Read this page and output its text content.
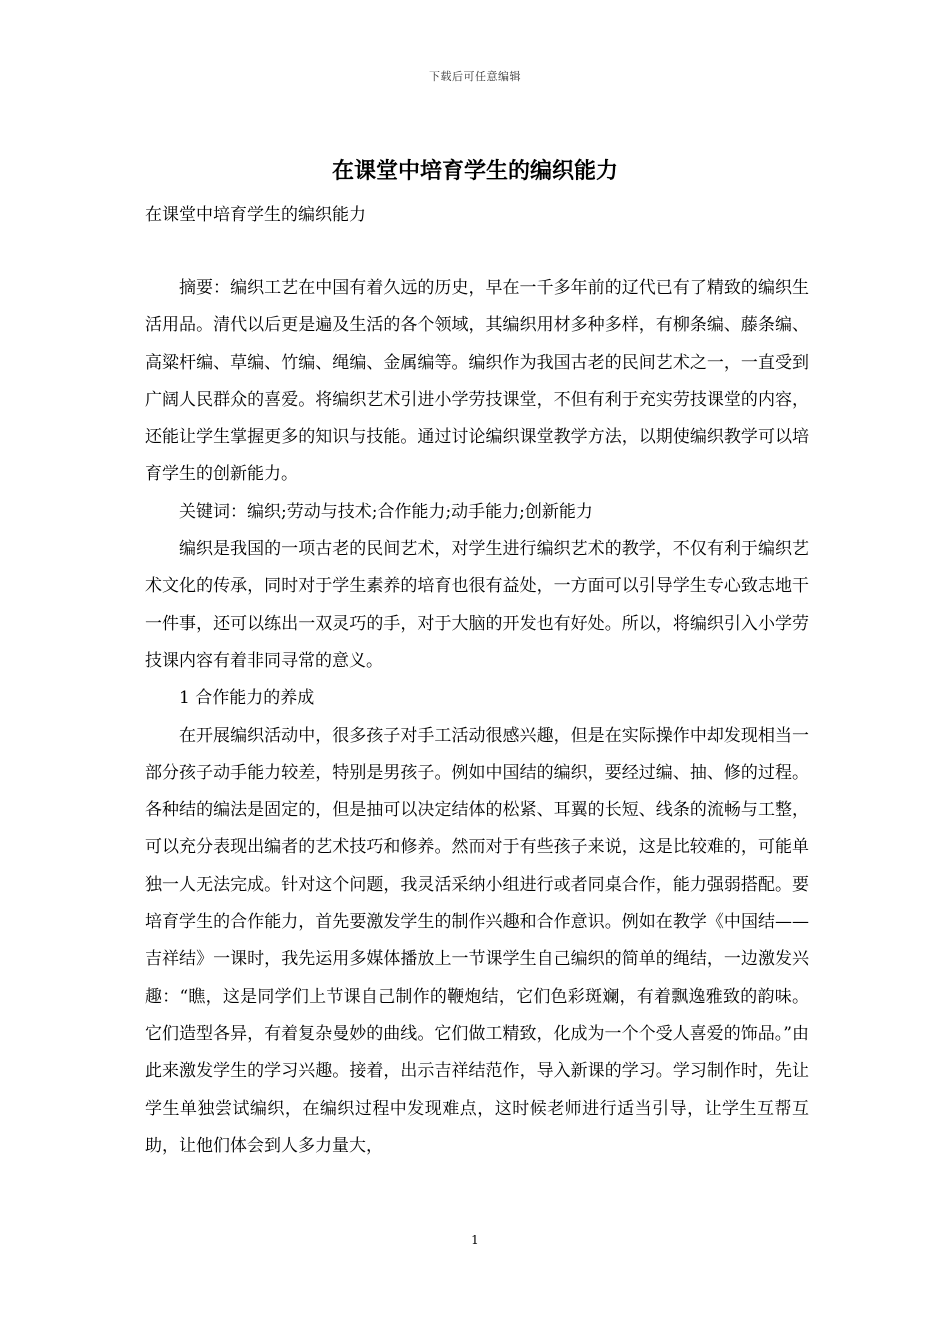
下载后可任意编辑
在课堂中培育学生的编织能力
在课堂中培育学生的编织能力

摘要：编织工艺在中国有着久远的历史，早在一千多年前的辽代已有了精致的编织生活用品。清代以后更是遍及生活的各个领域，其编织用材多种多样，有柳条编、藤条编、高粱杆编、草编、竹编、绳编、金属编等。编织作为我国古老的民间艺术之一，一直受到广阔人民群众的喜爱。将编织艺术引进小学劳技课堂，不但有利于充实劳技课堂的内容，还能让学生掌握更多的知识与技能。通过讨论编织课堂教学方法，以期使编织教学可以培育学生的创新能力。

关键词：编织;劳动与技术;合作能力;动手能力;创新能力

编织是我国的一项古老的民间艺术，对学生进行编织艺术的教学，不仅有利于编织艺术文化的传承，同时对于学生素养的培育也很有益处，一方面可以引导学生专心致志地干一件事，还可以练出一双灵巧的手，对于大脑的开发也有好处。所以，将编织引入小学劳技课内容有着非同寻常的意义。

1 合作能力的养成

在开展编织活动中，很多孩子对手工活动很感兴趣，但是在实际操作中却发现相当一部分孩子动手能力较差，特别是男孩子。例如中国结的编织，要经过编、抽、修的过程。各种结的编法是固定的，但是抽可以决定结体的松紧、耳翼的长短、线条的流畅与工整，可以充分表现出编者的艺术技巧和修养。然而对于有些孩子来说，这是比较难的，可能单独一人无法完成。针对这个问题，我灵活采纳小组进行或者同桌合作，能力强弱搭配。要培育学生的合作能力，首先要激发学生的制作兴趣和合作意识。例如在教学《中国结——吉祥结》一课时，我先运用多媒体播放上一节课学生自己编织的简单的绳结，一边激发兴趣：“瞧，这是同学们上节课自己制作的鞭炮结，它们色彩斑斓，有着飘逸雅致的韵味。它们造型各异，有着复杂曼妙的曲线。它们做工精致，化成为一个个受人喜爱的饰品。”由此来激发学生的学习兴趣。接着，出示吉祥结范作，导入新课的学习。学习制作时，先让学生单独尝试编织，在编织过程中发现难点，这时候老师进行适当引导，让学生互帮互助，让他们体会到人多力量大，

1
